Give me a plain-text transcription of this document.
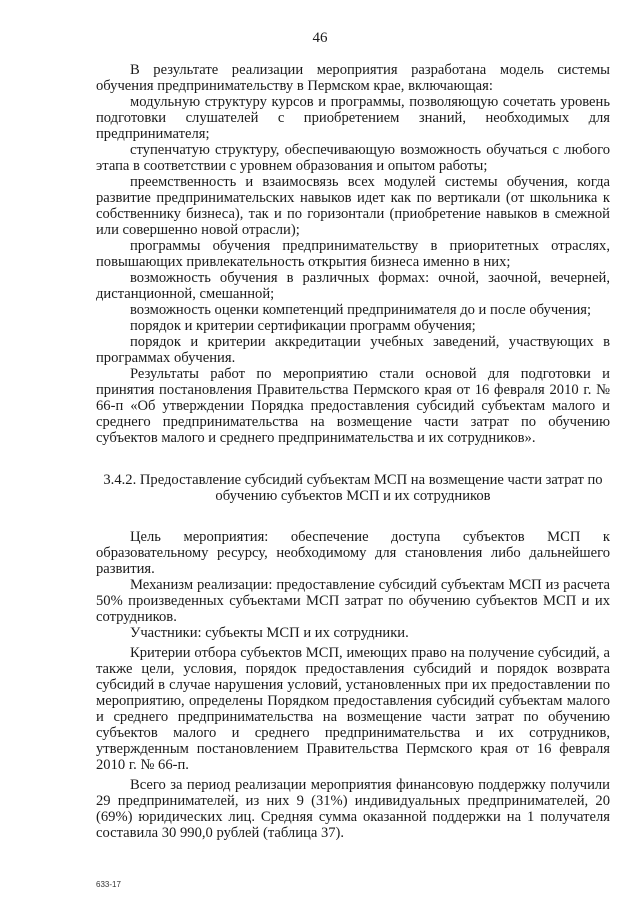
46

В результате реализации мероприятия разработана модель системы обучения предпринимательству в Пермском крае, включающая:

модульную структуру курсов и программы, позволяющую сочетать уровень подготовки слушателей с приобретением знаний, необходимых для предпринимателя;

ступенчатую структуру, обеспечивающую возможность обучаться с любого этапа в соответствии с уровнем образования и опытом работы;

преемственность и взаимосвязь всех модулей системы обучения, когда развитие предпринимательских навыков идет как по вертикали (от школьника к собственнику бизнеса), так и по горизонтали (приобретение навыков в смежной или совершенно новой отрасли);

программы обучения предпринимательству в приоритетных отраслях, повышающих привлекательность открытия бизнеса именно в них;

возможность обучения в различных формах: очной, заочной, вечерней, дистанционной, смешанной;

возможность оценки компетенций предпринимателя до и после обучения;

порядок и критерии сертификации программ обучения;

порядок и критерии аккредитации учебных заведений, участвующих в программах обучения.

Результаты работ по мероприятию стали основой для подготовки и принятия постановления Правительства Пермского края от 16 февраля 2010 г. № 66-п «Об утверждении Порядка предоставления субсидий субъектам малого и среднего предпринимательства на возмещение части затрат по обучению субъектов малого и среднего предпринимательства и их сотрудников».

3.4.2. Предоставление субсидий субъектам МСП на возмещение части затрат по обучению субъектов МСП и их сотрудников

Цель мероприятия: обеспечение доступа субъектов МСП к образовательному ресурсу, необходимому для становления либо дальнейшего развития.

Механизм реализации: предоставление субсидий субъектам МСП из расчета 50% произведенных субъектами МСП затрат по обучению субъектов МСП и их сотрудников.

Участники: субъекты МСП и их сотрудники.

Критерии отбора субъектов МСП, имеющих право на получение субсидий, а также цели, условия, порядок предоставления субсидий и порядок возврата субсидий в случае нарушения условий, установленных при их предоставлении по мероприятию, определены Порядком предоставления субсидий субъектам малого и среднего предпринимательства на возмещение части затрат по обучению субъектов малого и среднего предпринимательства и их сотрудников, утвержденным постановлением Правительства Пермского края от 16 февраля 2010 г. № 66-п.

Всего за период реализации мероприятия финансовую поддержку получили 29 предпринимателей, из них 9 (31%) индивидуальных предпринимателей, 20 (69%) юридических лиц. Средняя сумма оказанной поддержки на 1 получателя составила 30 990,0 рублей (таблица 37).

633-17
